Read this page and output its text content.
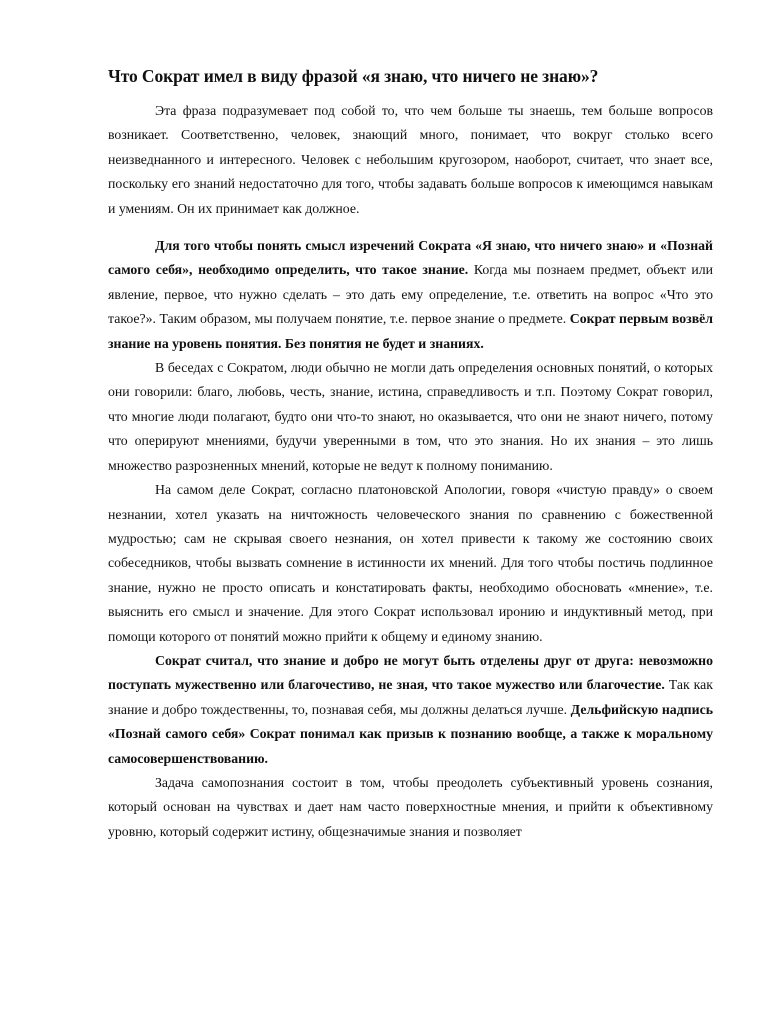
Что Сократ имел в виду фразой «я знаю, что ничего не знаю»?

Эта фраза подразумевает под собой то, что чем больше ты знаешь, тем больше вопросов возникает. Соответственно, человек, знающий много, понимает, что вокруг столько всего неизведнанного и интересного. Человек с небольшим кругозором, наоборот, считает, что знает все, поскольку его знаний недостаточно для того, чтобы задавать больше вопросов к имеющимся навыкам и умениям. Он их принимает как должное.

Для того чтобы понять смысл изречений Сократа «Я знаю, что ничего знаю» и «Познай самого себя», необходимо определить, что такое знание. Когда мы познаем предмет, объект или явление, первое, что нужно сделать – это дать ему определение, т.е. ответить на вопрос «Что это такое?». Таким образом, мы получаем понятие, т.е. первое знание о предмете. Сократ первым возвёл знание на уровень понятия. Без понятия не будет и знаниях.

В беседах с Сократом, люди обычно не могли дать определения основных понятий, о которых они говорили: благо, любовь, честь, знание, истина, справедливость и т.п. Поэтому Сократ говорил, что многие люди полагают, будто они что-то знают, но оказывается, что они не знают ничего, потому что оперируют мнениями, будучи уверенными в том, что это знания. Но их знания – это лишь множество разрозненных мнений, которые не ведут к полному пониманию.

На самом деле Сократ, согласно платоновской Апологии, говоря «чистую правду» о своем незнании, хотел указать на ничтожность человеческого знания по сравнению с божественной мудростью; сам не скрывая своего незнания, он хотел привести к такому же состоянию своих собеседников, чтобы вызвать сомнение в истинности их мнений. Для того чтобы постичь подлинное знание, нужно не просто описать и констатировать факты, необходимо обосновать «мнение», т.е. выяснить его смысл и значение. Для этого Сократ использовал иронию и индуктивный метод, при помощи которого от понятий можно прийти к общему и единому знанию.

Сократ считал, что знание и добро не могут быть отделены друг от друга: невозможно поступать мужественно или благочестиво, не зная, что такое мужество или благочестие. Так как знание и добро тождественны, то, познавая себя, мы должны делаться лучше. Дельфийскую надпись «Познай самого себя» Сократ понимал как призыв к познанию вообще, а также к моральному самосовершенствованию.

Задача самопознания состоит в том, чтобы преодолеть субъективный уровень сознания, который основан на чувствах и дает нам часто поверхностные мнения, и прийти к объективному уровню, который содержит истину, общезначимые знания и позволяет
